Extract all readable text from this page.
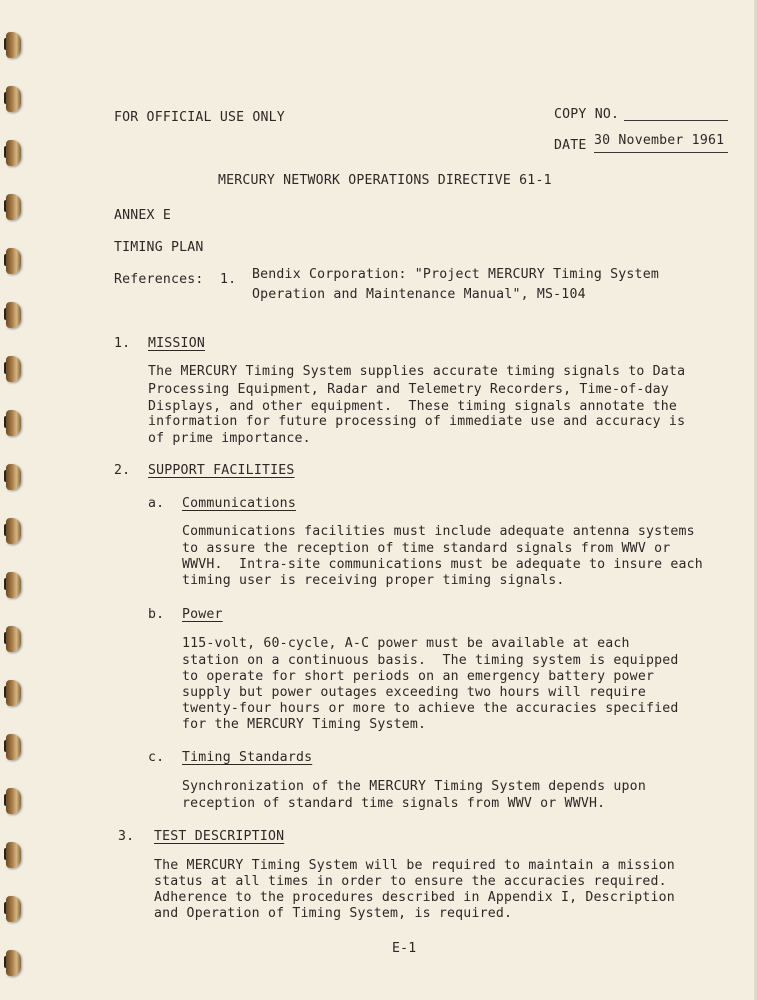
FOR OFFICIAL USE ONLY	COPY NO.
DATE 30 November 1961
MERCURY NETWORK OPERATIONS DIRECTIVE 61-1
ANNEX E
TIMING PLAN
References: 1. Bendix Corporation: "Project MERCURY Timing System
Operation and Maintenance Manual", MS-104
1. MISSION
The MERCURY Timing System supplies accurate timing signals to Data
Processing Equipment, Radar and Telemetry Recorders, Time-of-day
Displays, and other equipment.  These timing signals annotate the
information for future processing of immediate use and accuracy is
of prime importance.
2. SUPPORT FACILITIES
a. Communications
Communications facilities must include adequate antenna systems
to assure the reception of time standard signals from WWV or
WWVH.  Intra-site communications must be adequate to insure each
timing user is receiving proper timing signals.
b. Power
115-volt, 60-cycle, A-C power must be available at each
station on a continuous basis.  The timing system is equipped
to operate for short periods on an emergency battery power
supply but power outages exceeding two hours will require
twenty-four hours or more to achieve the accuracies specified
for the MERCURY Timing System.
c. Timing Standards
Synchronization of the MERCURY Timing System depends upon
reception of standard time signals from WWV or WWVH.
3. TEST DESCRIPTION
The MERCURY Timing System will be required to maintain a mission
status at all times in order to ensure the accuracies required.
Adherence to the procedures described in Appendix I, Description
and Operation of Timing System, is required.
E-1
